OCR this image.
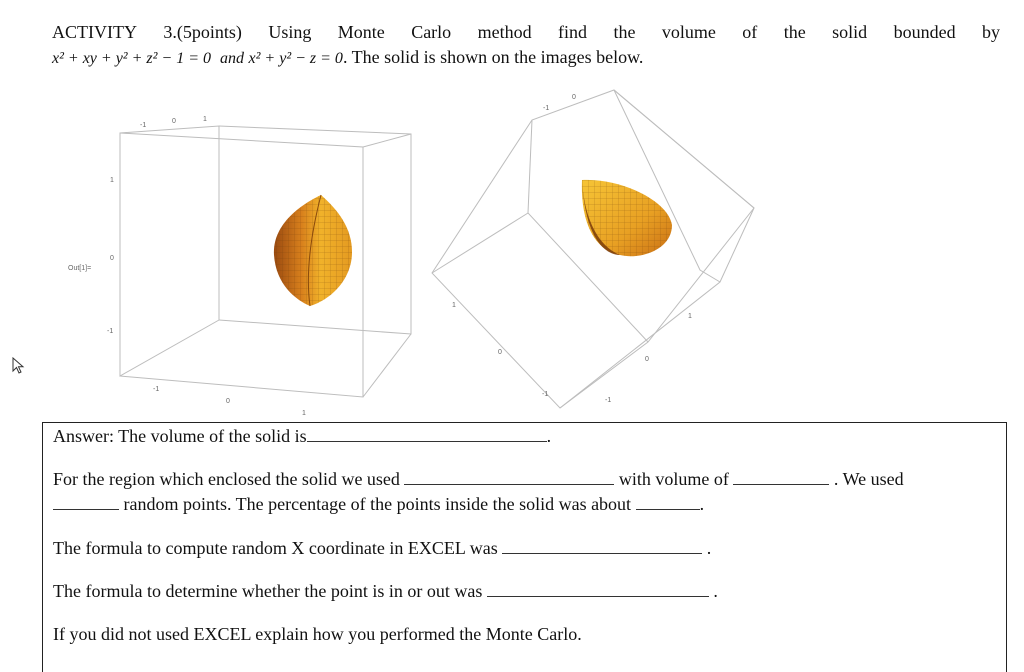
ACTIVITY 3.(5points) Using Monte Carlo method find the volume of the solid bounded by
x² + xy + y² + z² − 1 = 0 and x² + y² − z = 0. The solid is shown on the images below.
-1
0	1
1
0
-1
-1
0
1
Out[1]=
-1
0
1
0
-1
1
0
-1
Answer: The volume of the solid is	.
For the region which enclosed the solid we used	with volume of	. We used
random points. The percentage of the points inside the solid was about	.
The formula to compute random X coordinate in EXCEL was	.
The formula to determine whether the point is in or out was	.
If you did not used EXCEL explain how you performed the Monte Carlo.
